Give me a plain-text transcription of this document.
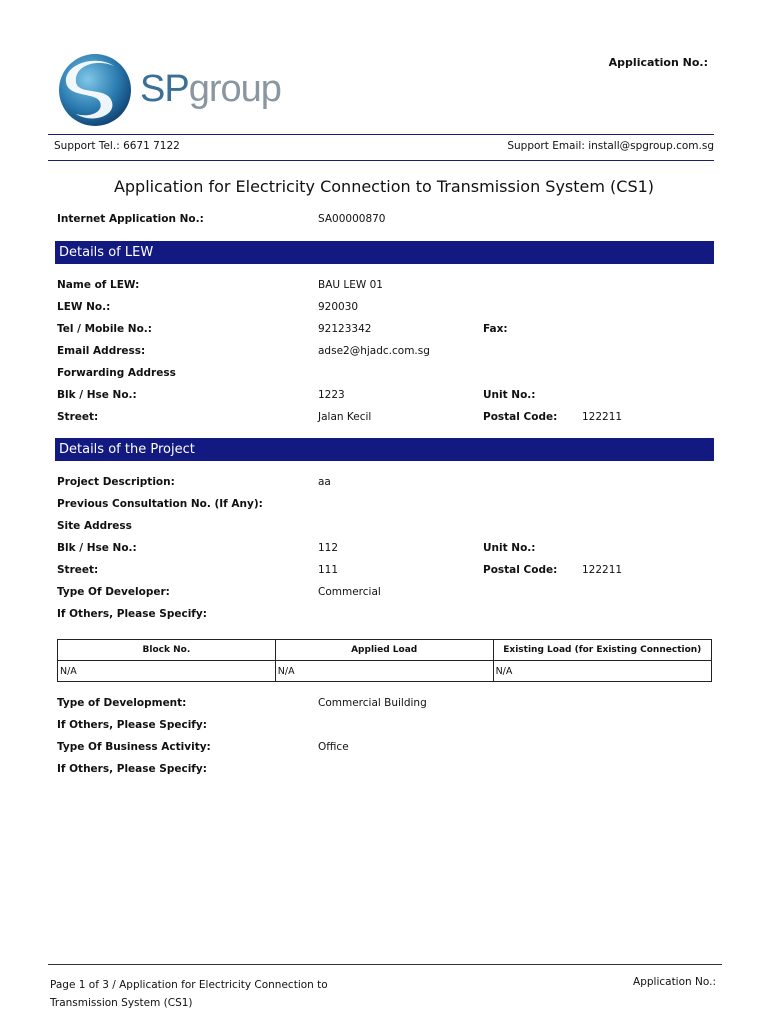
SPgroup
Application No.:
Support Tel.: 6671 7122	Support Email: install@spgroup.com.sg
Application for Electricity Connection to Transmission System (CS1)
Internet Application No.:	SA00000870
Details of LEW
Name of LEW:	BAU LEW 01
LEW No.:	920030
Tel / Mobile No.:	92123342	Fax:
Email Address:	adse2@hjadc.com.sg
Forwarding Address
Blk / Hse No.:	1223	Unit No.:
Street:	Jalan Kecil	Postal Code: 122211
Details of the Project
Project Description:	aa
Previous Consultation No. (If Any):
Site Address
Blk / Hse No.:	112	Unit No.:
Street:	111	Postal Code: 122211
Type Of Developer:	Commercial
If Others, Please Specify:
Block No.	Applied Load	Existing Load (for Existing Connection)
N/A	N/A	N/A
Type of Development:	Commercial Building
If Others, Please Specify:
Type Of Business Activity:	Office
If Others, Please Specify:
Page 1 of 3 / Application for Electricity Connection to
Transmission System (CS1)
Application No.:
